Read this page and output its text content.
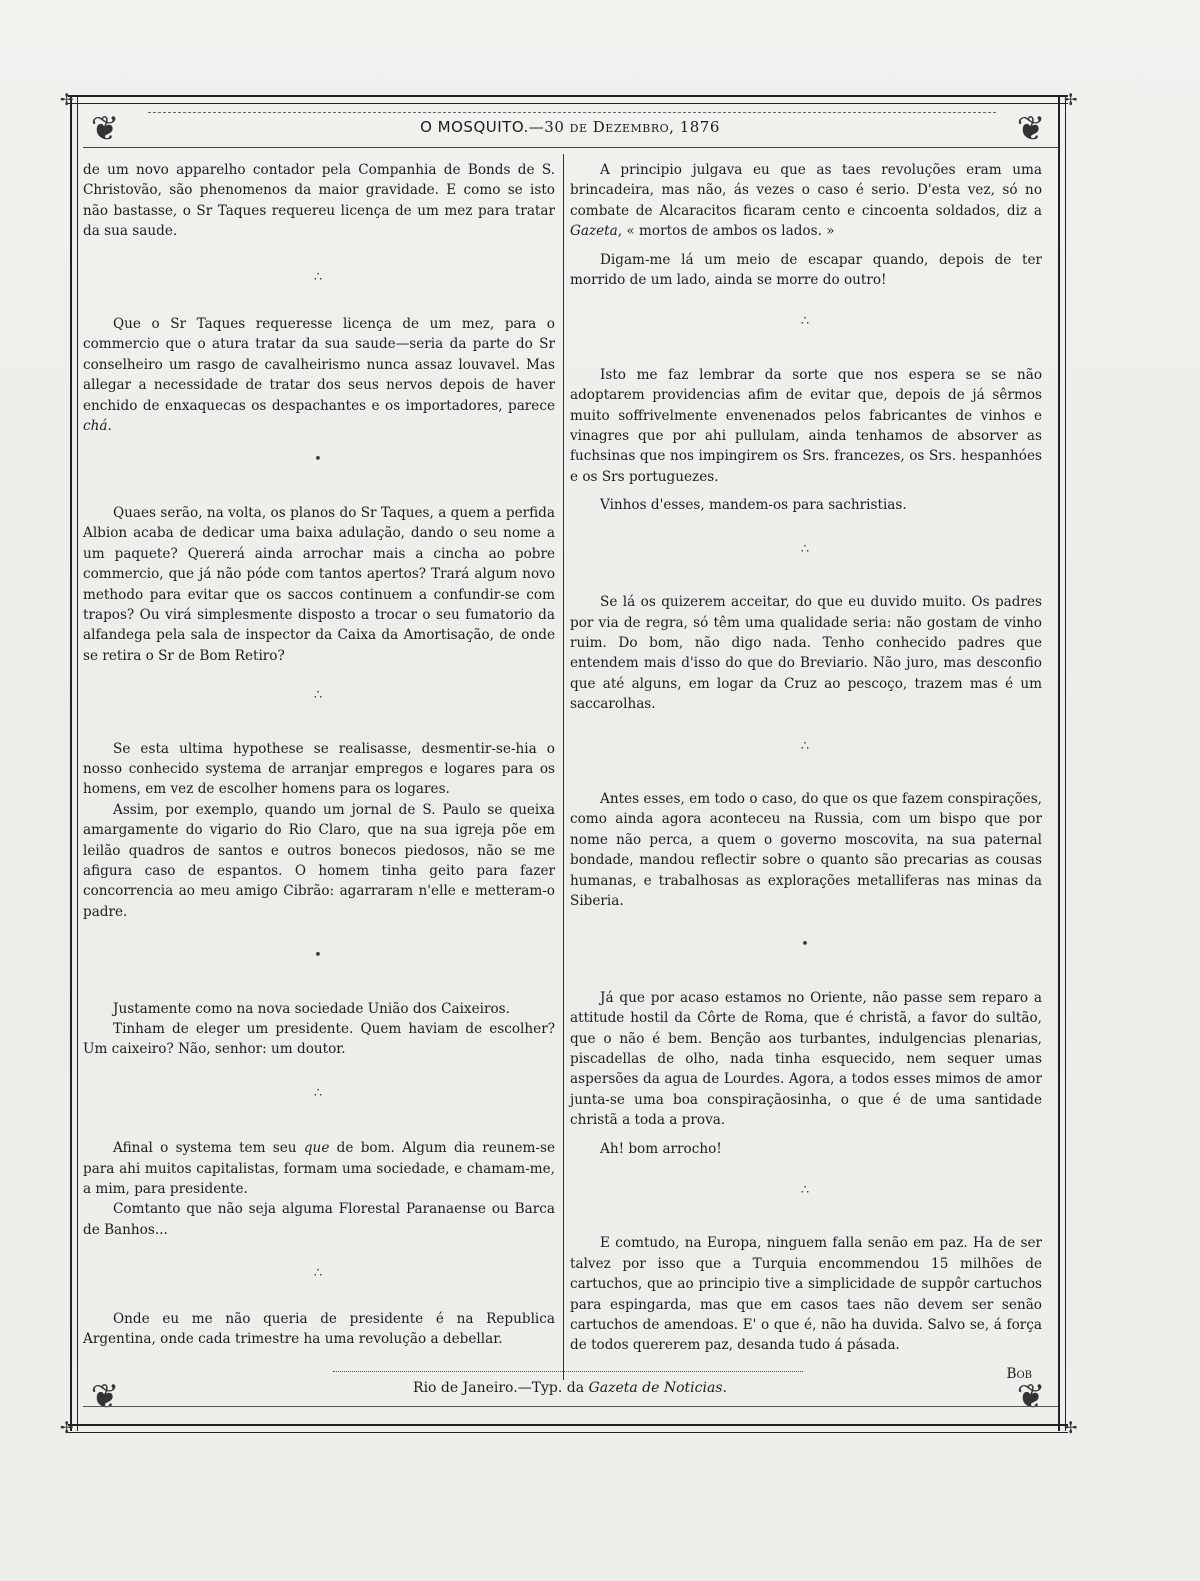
✢	✢
✢	✢
❦	❦
❦	❦
O MOSQUITO.—30 de Dezembro, 1876

de um novo apparelho contador pela Companhia de Bonds de S. Christovão, são phenomenos da maior gravidade. E como se isto não bastasse, o Sr Taques requereu licença de um mez para tratar da sua saude.

∴

Que o Sr Taques requeresse licença de um mez, para o commercio que o atura tratar da sua saude—seria da parte do Sr conselheiro um rasgo de cavalheirismo nunca assaz louvavel. Mas allegar a necessidade de tratar dos seus nervos depois de haver enchido de enxaquecas os despachantes e os importadores, parece chá.

•

Quaes serão, na volta, os planos do Sr Taques, a quem a perfida Albion acaba de dedicar uma baixa adulação, dando o seu nome a um paquete? Quererá ainda arrochar mais a cincha ao pobre commercio, que já não póde com tantos apertos? Trará algum novo methodo para evitar que os saccos continuem a confundir-se com trapos? Ou virá simplesmente disposto a trocar o seu fumatorio da alfandega pela sala de inspector da Caixa da Amortisação, de onde se retira o Sr de Bom Retiro?

∴

Se esta ultima hypothese se realisasse, desmentir-se-hia o nosso conhecido systema de arranjar empregos e logares para os homens, em vez de escolher homens para os logares.

Assim, por exemplo, quando um jornal de S. Paulo se queixa amargamente do vigario do Rio Claro, que na sua igreja põe em leilão quadros de santos e outros bonecos piedosos, não se me afigura caso de espantos. O homem tinha geito para fazer concorrencia ao meu amigo Cibrão: agarraram n'elle e metteram-o padre.

•

Justamente como na nova sociedade União dos Caixeiros.

Tinham de eleger um presidente. Quem haviam de escolher? Um caixeiro? Não, senhor: um doutor.

∴

Afinal o systema tem seu que de bom. Algum dia reunem-se para ahi muitos capitalistas, formam uma sociedade, e chamam-me, a mim, para presidente.

Comtanto que não seja alguma Florestal Paranaense ou Barca de Banhos...

∴

Onde eu me não queria de presidente é na Republica Argentina, onde cada trimestre ha uma revolução a debellar.

A principio julgava eu que as taes revoluções eram uma brincadeira, mas não, ás vezes o caso é serio. D'esta vez, só no combate de Alcaracitos ficaram cento e cincoenta soldados, diz a Gazeta, « mortos de ambos os lados. »

Digam-me lá um meio de escapar quando, depois de ter morrido de um lado, ainda se morre do outro!

∴

Isto me faz lembrar da sorte que nos espera se se não adoptarem providencias afim de evitar que, depois de já sêrmos muito soffrivelmente envenenados pelos fabricantes de vinhos e vinagres que por ahi pullulam, ainda tenhamos de absorver as fuchsinas que nos impingirem os Srs. francezes, os Srs. hespanhóes e os Srs portuguezes.

Vinhos d'esses, mandem-os para sachristias.

∴

Se lá os quizerem acceitar, do que eu duvido muito. Os padres por via de regra, só têm uma qualidade seria: não gostam de vinho ruim. Do bom, não digo nada. Tenho conhecido padres que entendem mais d'isso do que do Breviario. Não juro, mas desconfio que até alguns, em logar da Cruz ao pescoço, trazem mas é um saccarolhas.

∴

Antes esses, em todo o caso, do que os que fazem conspirações, como ainda agora aconteceu na Russia, com um bispo que por nome não perca, a quem o governo moscovita, na sua paternal bondade, mandou reflectir sobre o quanto são precarias as cousas humanas, e trabalhosas as explorações metalliferas nas minas da Siberia.

•

Já que por acaso estamos no Oriente, não passe sem reparo a attitude hostil da Côrte de Roma, que é christã, a favor do sultão, que o não é bem. Benção aos turbantes, indulgencias plenarias, piscadellas de olho, nada tinha esquecido, nem sequer umas aspersões da agua de Lourdes. Agora, a todos esses mimos de amor junta-se uma boa conspiraçãosinha, o que é de uma santidade christã a toda a prova.

Ah! bom arrocho!

∴

E comtudo, na Europa, ninguem falla senão em paz. Ha de ser talvez por isso que a Turquia encommendou 15 milhões de cartuchos, que ao principio tive a simplicidade de suppôr cartuchos para espingarda, mas que em casos taes não devem ser senão cartuchos de amendoas. E' o que é, não ha duvida. Salvo se, á força de todos quererem paz, desanda tudo á pásada.

Bob

Rio de Janeiro.—Typ. da Gazeta de Noticias.
